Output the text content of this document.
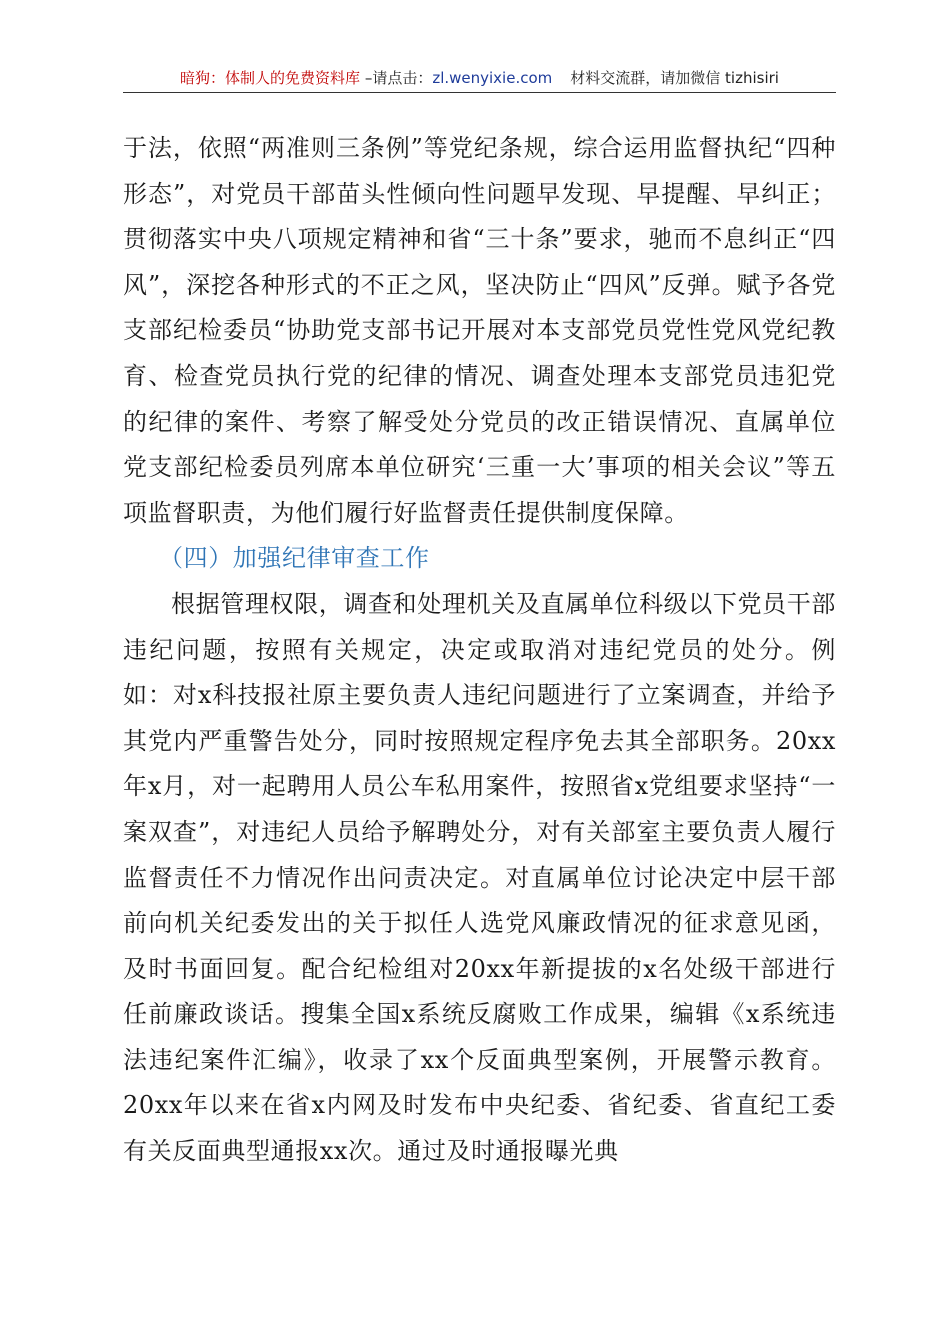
暗狗：体制人的免费资料库 –请点击：zl.wenyixie.com 材料交流群，请加微信 tizhisiri

于法，依照“两准则三条例”等党纪条规，综合运用监督执纪“四种形态”，对党员干部苗头性倾向性问题早发现、早提醒、早纠正；贯彻落实中央八项规定精神和省“三十条”要求，驰而不息纠正“四风”，深挖各种形式的不正之风，坚决防止“四风”反弹。赋予各党支部纪检委员“协助党支部书记开展对本支部党员党性党风党纪教育、检查党员执行党的纪律的情况、调查处理本支部党员违犯党的纪律的案件、考察了解受处分党员的改正错误情况、直属单位党支部纪检委员列席本单位研究‘三重一大’事项的相关会议”等五项监督职责，为他们履行好监督责任提供制度保障。

（四）加强纪律审查工作

根据管理权限，调查和处理机关及直属单位科级以下党员干部违纪问题，按照有关规定，决定或取消对违纪党员的处分。例如：对x科技报社原主要负责人违纪问题进行了立案调查，并给予其党内严重警告处分，同时按照规定程序免去其全部职务。20xx年x月，对一起聘用人员公车私用案件，按照省x党组要求坚持“一案双查”，对违纪人员给予解聘处分，对有关部室主要负责人履行监督责任不力情况作出问责决定。对直属单位讨论决定中层干部前向机关纪委发出的关于拟任人选党风廉政情况的征求意见函，及时书面回复。配合纪检组对20xx年新提拔的x名处级干部进行任前廉政谈话。搜集全国x系统反腐败工作成果，编辑《x系统违法违纪案件汇编》，收录了xx个反面典型案例，开展警示教育。20xx年以来在省x内网及时发布中央纪委、省纪委、省直纪工委有关反面典型通报xx次。通过及时通报曝光典
